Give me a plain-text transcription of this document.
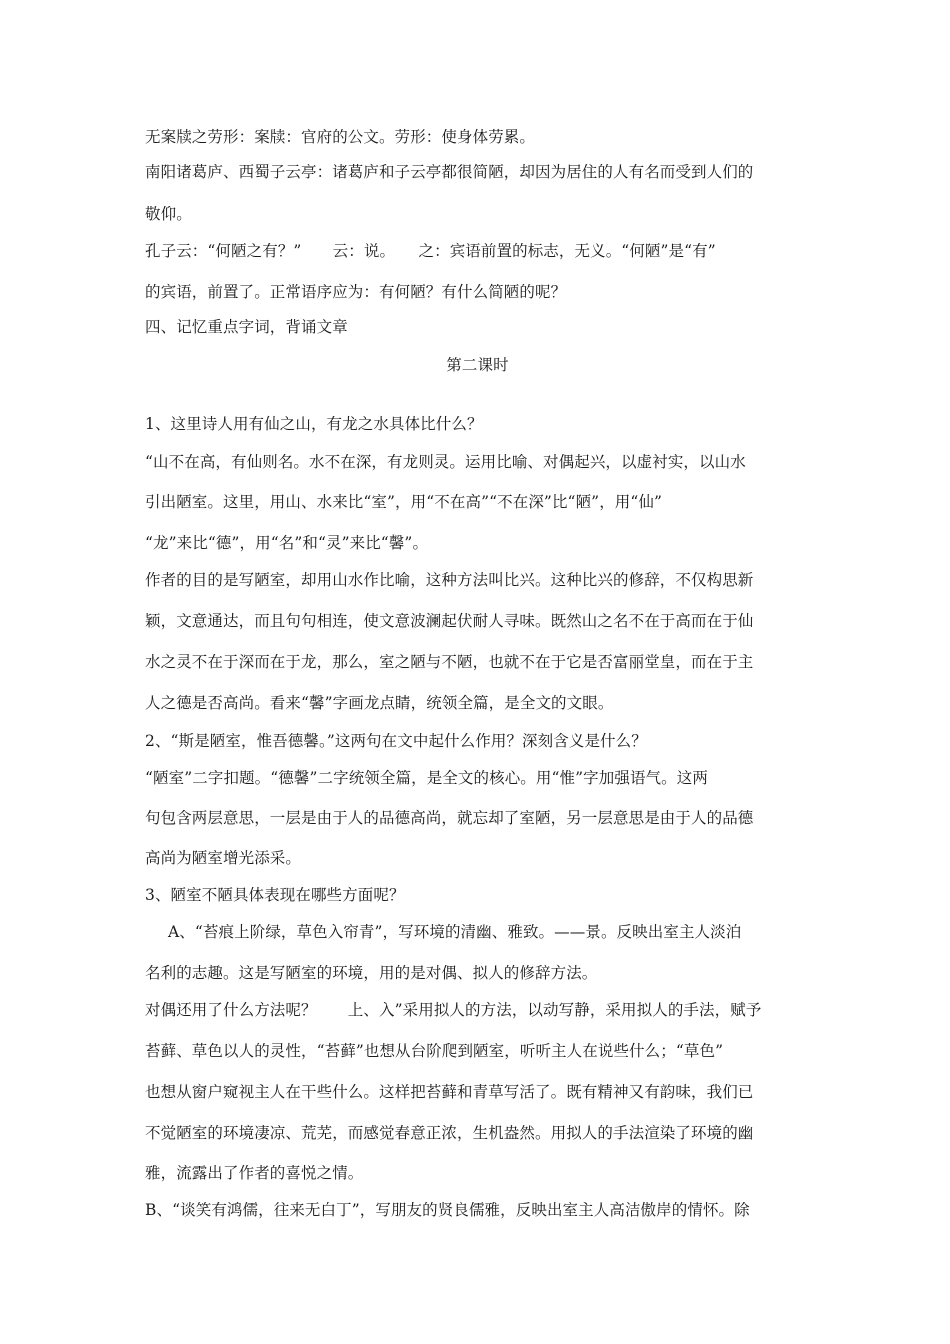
无案牍之劳形：案牍：官府的公文。劳形：使身体劳累。
南阳诸葛庐、西蜀子云亭：诸葛庐和子云亭都很简陋，却因为居住的人有名而受到人们的
敬仰。
孔子云：“何陋之有？”　　云：说。　　之：宾语前置的标志，无义。“何陋”是“有”
的宾语，前置了。正常语序应为：有何陋？有什么简陋的呢？
四、记忆重点字词，背诵文章
第二课时
1、这里诗人用有仙之山，有龙之水具体比什么？
“山不在高，有仙则名。水不在深，有龙则灵。运用比喻、对偶起兴，以虚衬实，以山水
引出陋室。这里，用山、水来比“室”，用“不在高”“不在深”比“陋”，用“仙”
“龙”来比“德”，用“名”和“灵”来比“馨”。
作者的目的是写陋室，却用山水作比喻，这种方法叫比兴。这种比兴的修辞，不仅构思新
颖，文意通达，而且句句相连，使文意波澜起伏耐人寻味。既然山之名不在于高而在于仙
水之灵不在于深而在于龙，那么，室之陋与不陋，也就不在于它是否富丽堂皇，而在于主
人之德是否高尚。看来“馨”字画龙点睛，统领全篇，是全文的文眼。
2、“斯是陋室，惟吾德馨。”这两句在文中起什么作用？深刻含义是什么？
“陋室”二字扣题。“德馨”二字统领全篇，是全文的核心。用“惟”字加强语气。这两
句包含两层意思，一层是由于人的品德高尚，就忘却了室陋，另一层意思是由于人的品德
高尚为陋室增光添采。
3、陋室不陋具体表现在哪些方面呢？
A、“苔痕上阶绿，草色入帘青”，写环境的清幽、雅致。——景。反映出室主人淡泊
名利的志趣。这是写陋室的环境，用的是对偶、拟人的修辞方法。
对偶还用了什么方法呢？　　上、入”采用拟人的方法，以动写静，采用拟人的手法，赋予
苔藓、草色以人的灵性，“苔藓”也想从台阶爬到陋室，听听主人在说些什么；“草色”
也想从窗户窥视主人在干些什么。这样把苔藓和青草写活了。既有精神又有韵味，我们已
不觉陋室的环境凄凉、荒芜，而感觉春意正浓，生机盎然。用拟人的手法渲染了环境的幽
雅，流露出了作者的喜悦之情。
B、“谈笑有鸿儒，往来无白丁”，写朋友的贤良儒雅，反映出室主人高洁傲岸的情怀。除
